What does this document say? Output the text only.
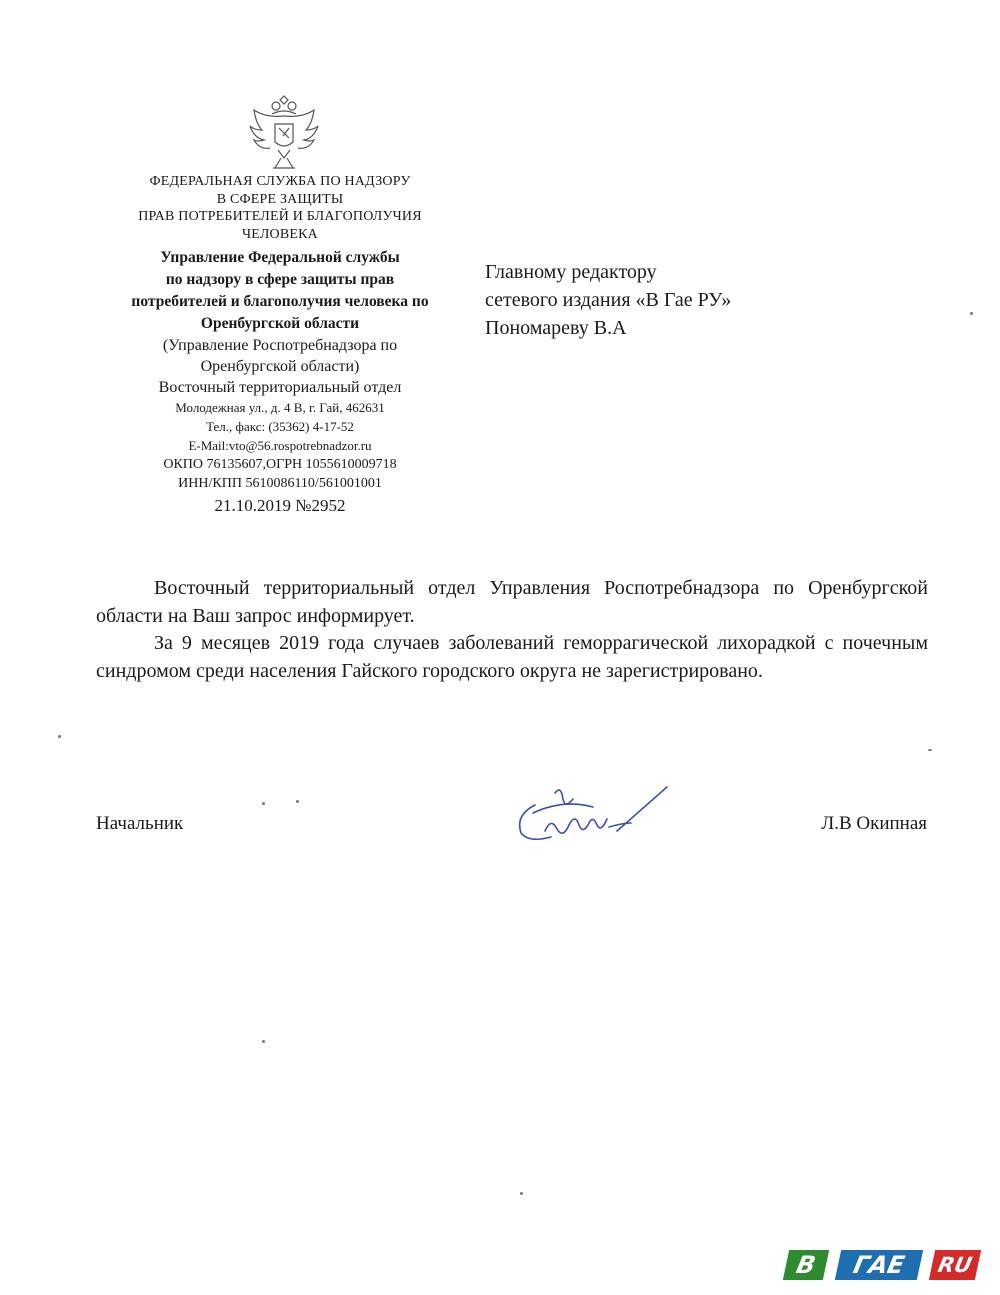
ФЕДЕРАЛЬНАЯ СЛУЖБА ПО НАДЗОРУ
В СФЕРЕ ЗАЩИТЫ
ПРАВ ПОТРЕБИТЕЛЕЙ И БЛАГОПОЛУЧИЯ
ЧЕЛОВЕКА
Управление Федеральной службы
по надзору в сфере защиты прав
потребителей и благополучия человека по
Оренбургской области
(Управление Роспотребнадзора по
Оренбургской области)
Восточный территориальный отдел
Молодежная ул., д. 4 В, г. Гай, 462631
Тел., факс: (35362) 4-17-52
E-Mail:vto@56.rospotrebnadzor.ru
ОКПО 76135607,ОГРН 1055610009718
ИНН/КПП 5610086110/561001001
21.10.2019 №2952
Главному редактору
сетевого издания «В Гае РУ»
Пономареву В.А

Восточный территориальный отдел Управления Роспотребнадзора по Оренбургской области на Ваш запрос информирует.

За 9 месяцев 2019 года случаев заболеваний геморрагической лихорадкой с почечным синдромом среди населения Гайского городского округа не зарегистрировано.

Начальник	Л.В Окипная
В	ГАЕ	RU
